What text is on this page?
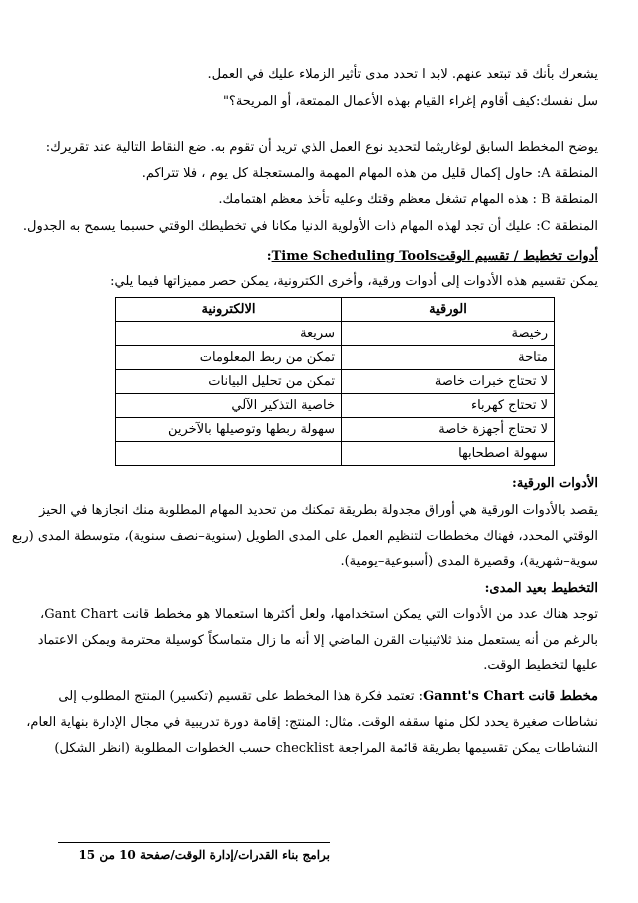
يشعرك بأنك قد تبتعد عنهم. لابد ا تحدد مدى تأثير الزملاء عليك في العمل.
سل نفسك:كيف أقاوم إغراء القيام بهذه الأعمال الممتعة، أو المريحة؟"
يوضح المخطط السابق لوغاريثما لتحديد نوع العمل الذي تريد أن تقوم به. ضع النقاط التالية عند تقريرك:
المنطقة A: حاول إكمال قليل من هذه المهام المهمة والمستعجلة كل يوم ، فلا تتراكم.
المنطقة B : هذه المهام تشغل معظم وقتك وعليه تأخذ معظم اهتمامك.
المنطقة C: عليك أن تجد لهذه المهام ذات الأولوية الدنيا مكانا في تخطيطك الوقتي حسبما يسمح به الجدول.
أدوات تخطيط / تقسيم الوقتTime Scheduling Tools:
يمكن تقسيم هذه الأدوات إلى أدوات ورقية، وأخرى الكترونية، يمكن حصر مميزاتها فيما يلي:
الورقية	الالكترونية
رخيصة	سريعة
متاحة	تمكن من ربط المعلومات
لا تحتاج خبرات خاصة	تمكن من تحليل البيانات
لا تحتاج كهرباء	خاصية التذكير الآلي
لا تحتاج أجهزة خاصة	سهولة ربطها وتوصيلها بالآخرين
سهولة اصطحابها	
الأدوات الورقية:
يقصد بالأدوات الورقية هي أوراق مجدولة بطريقة تمكنك من تحديد المهام المطلوبة منك انجازها في الحيز
الوقتي المحدد، فهناك مخططات لتنظيم العمل على المدى الطويل (سنوية–نصف سنوية)، متوسطة المدى (ربع
سوية–شهرية)، وقصيرة المدى (أسبوعية–يومية).
التخطيط بعيد المدى:
توجد هناك عدد من الأدوات التي يمكن استخدامها، ولعل أكثرها استعمالا هو مخطط قانت Gant Chart،
بالرغم من أنه يستعمل منذ ثلاثينيات القرن الماضي إلا أنه ما زال متماسكاً كوسيلة محترمة ويمكن الاعتماد
عليها لتخطيط الوقت.
مخطط قانت Gannt's Chart: تعتمد فكرة هذا المخطط على تقسيم (تكسير) المنتج المطلوب إلى
نشاطات صغيرة يحدد لكل منها سقفه الوقت. مثال: المنتج: إقامة دورة تدريبية في مجال الإدارة بنهاية العام،
النشاطات يمكن تقسيمها بطريقة قائمة المراجعة checklist حسب الخطوات المطلوبة (انظر الشكل)
برامج بناء القدرات/إدارة الوقت/صفحة 10 من 15
